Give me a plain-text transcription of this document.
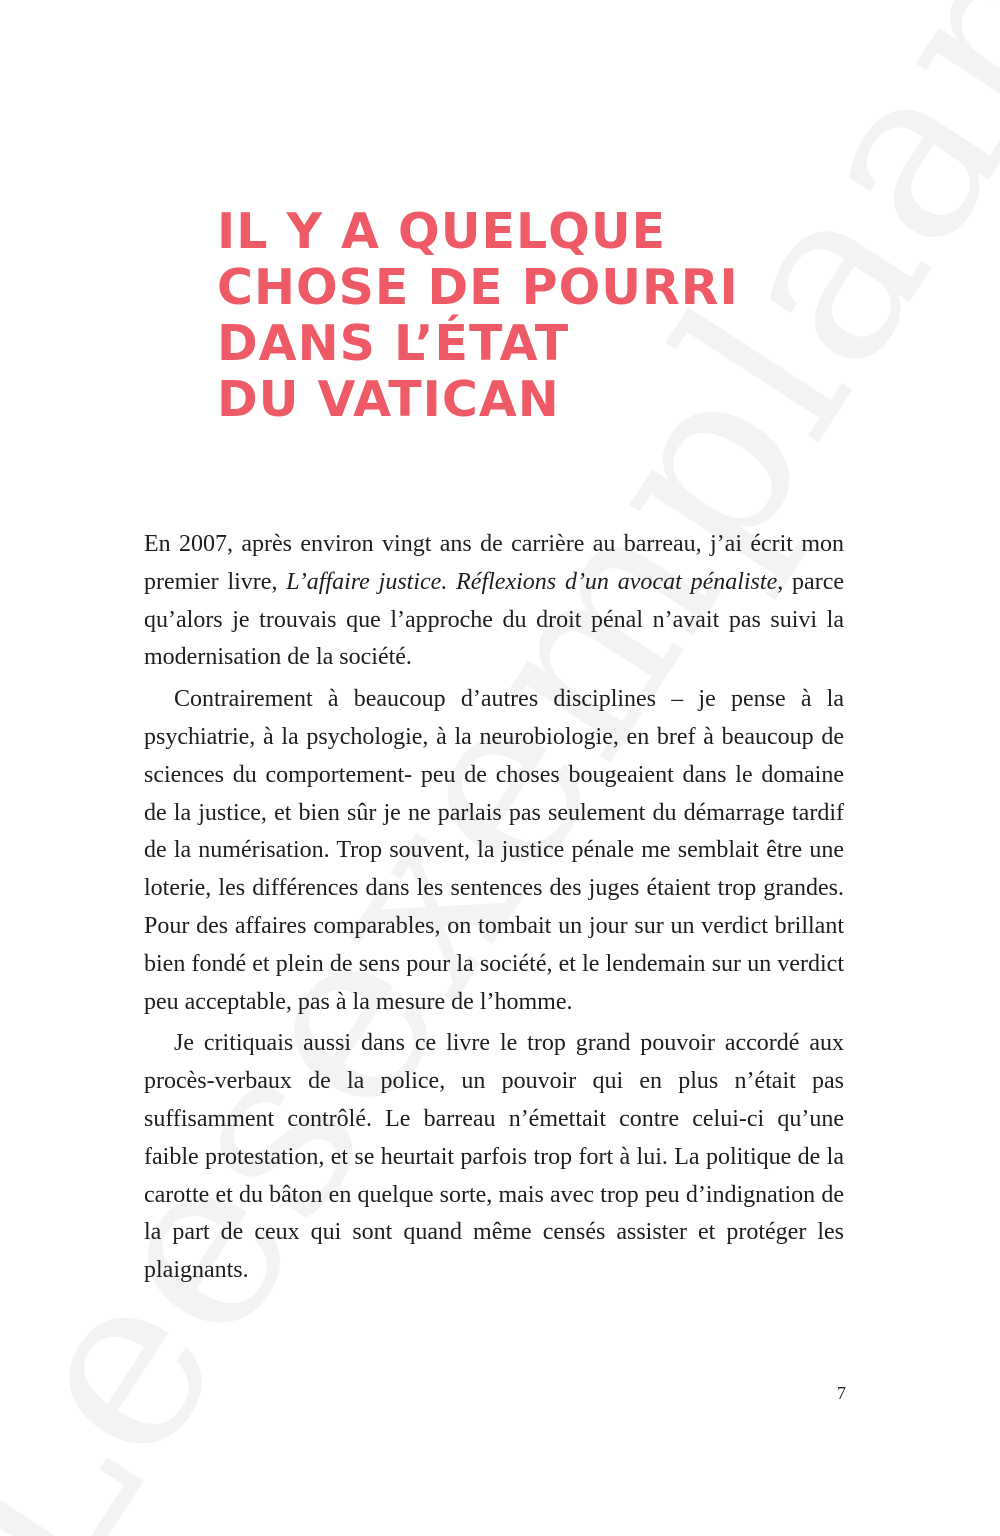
IL Y A QUELQUE
CHOSE DE POURRI
DANS L’ÉTAT
DU VATICAN

En 2007, après environ vingt ans de carrière au barreau, j’ai écrit mon premier livre, L’affaire justice. Réflexions d’un avocat pénaliste, parce qu’alors je trouvais que l’approche du droit pénal n’avait pas suivi la modernisation de la société.

Contrairement à beaucoup d’autres disciplines – je pense à la psychiatrie, à la psychologie, à la neurobiologie, en bref à beaucoup de sciences du comportement- peu de choses bougeaient dans le domaine de la justice, et bien sûr je ne parlais pas seulement du démarrage tardif de la numérisation. Trop souvent, la justice pénale me semblait être une loterie, les différences dans les sentences des juges étaient trop grandes. Pour des affaires comparables, on tombait un jour sur un verdict brillant bien fondé et plein de sens pour la société, et le lendemain sur un verdict peu acceptable, pas à la mesure de l’homme.

Je critiquais aussi dans ce livre le trop grand pouvoir accordé aux procès-verbaux de la police, un pouvoir qui en plus n’était pas suffisamment contrôlé. Le barreau n’émettait contre celui-ci qu’une faible protestation, et se heurtait parfois trop fort à lui. La politique de la carotte et du bâton en quelque sorte, mais avec trop peu d’indignation de la part de ceux qui sont quand même censés assister et protéger les plaignants.

7
